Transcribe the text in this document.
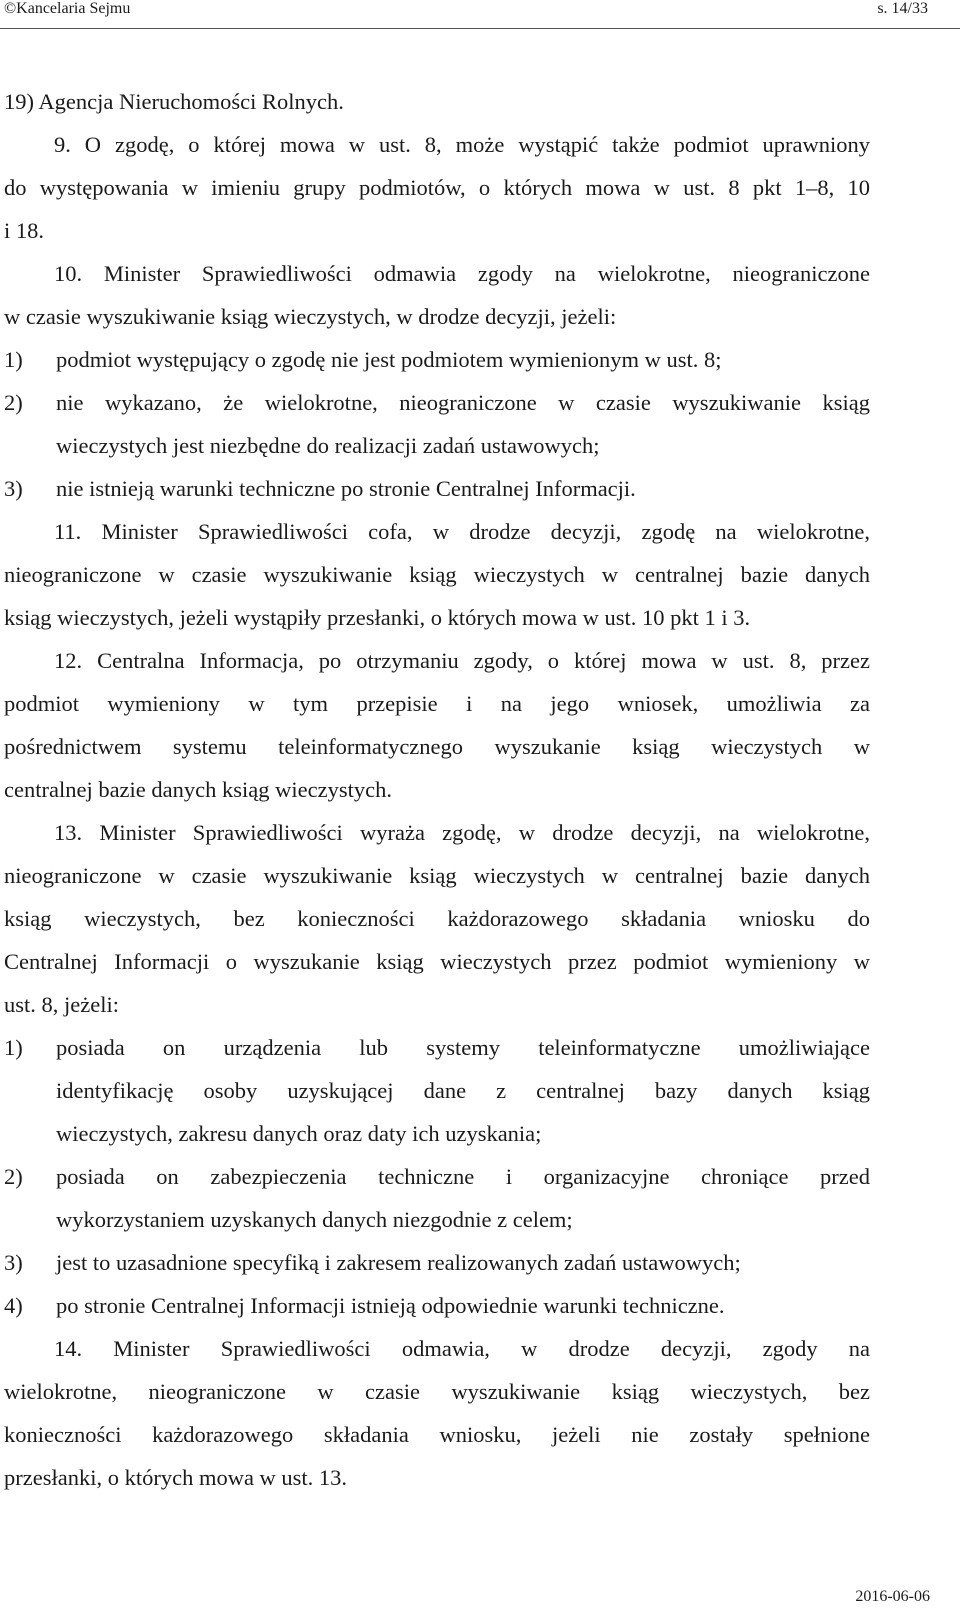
©Kancelaria Sejmu	s. 14/33
19) Agencja Nieruchomości Rolnych.
9. O zgodę, o której mowa w ust. 8, może wystąpić także podmiot uprawniony
do występowania w imieniu grupy podmiotów, o których mowa w ust. 8 pkt 1–8, 10
i 18.
10. Minister Sprawiedliwości odmawia zgody na wielokrotne, nieograniczone
w czasie wyszukiwanie ksiąg wieczystych, w drodze decyzji, jeżeli:
1) podmiot występujący o zgodę nie jest podmiotem wymienionym w ust. 8;
2) nie wykazano, że wielokrotne, nieograniczone w czasie wyszukiwanie ksiąg
wieczystych jest niezbędne do realizacji zadań ustawowych;
3) nie istnieją warunki techniczne po stronie Centralnej Informacji.
11. Minister Sprawiedliwości cofa, w drodze decyzji, zgodę na wielokrotne,
nieograniczone w czasie wyszukiwanie ksiąg wieczystych w centralnej bazie danych
ksiąg wieczystych, jeżeli wystąpiły przesłanki, o których mowa w ust. 10 pkt 1 i 3.
12. Centralna Informacja, po otrzymaniu zgody, o której mowa w ust. 8, przez
podmiot wymieniony w tym przepisie i na jego wniosek, umożliwia za
pośrednictwem systemu teleinformatycznego wyszukanie ksiąg wieczystych w
centralnej bazie danych ksiąg wieczystych.
13. Minister Sprawiedliwości wyraża zgodę, w drodze decyzji, na wielokrotne,
nieograniczone w czasie wyszukiwanie ksiąg wieczystych w centralnej bazie danych
ksiąg wieczystych, bez konieczności każdorazowego składania wniosku do
Centralnej Informacji o wyszukanie ksiąg wieczystych przez podmiot wymieniony w
ust. 8, jeżeli:
1) posiada on urządzenia lub systemy teleinformatyczne umożliwiające
identyfikację osoby uzyskującej dane z centralnej bazy danych ksiąg
wieczystych, zakresu danych oraz daty ich uzyskania;
2) posiada on zabezpieczenia techniczne i organizacyjne chroniące przed
wykorzystaniem uzyskanych danych niezgodnie z celem;
3) jest to uzasadnione specyfiką i zakresem realizowanych zadań ustawowych;
4) po stronie Centralnej Informacji istnieją odpowiednie warunki techniczne.
14. Minister Sprawiedliwości odmawia, w drodze decyzji, zgody na
wielokrotne, nieograniczone w czasie wyszukiwanie ksiąg wieczystych, bez
konieczności każdorazowego składania wniosku, jeżeli nie zostały spełnione
przesłanki, o których mowa w ust. 13.
2016-06-06
